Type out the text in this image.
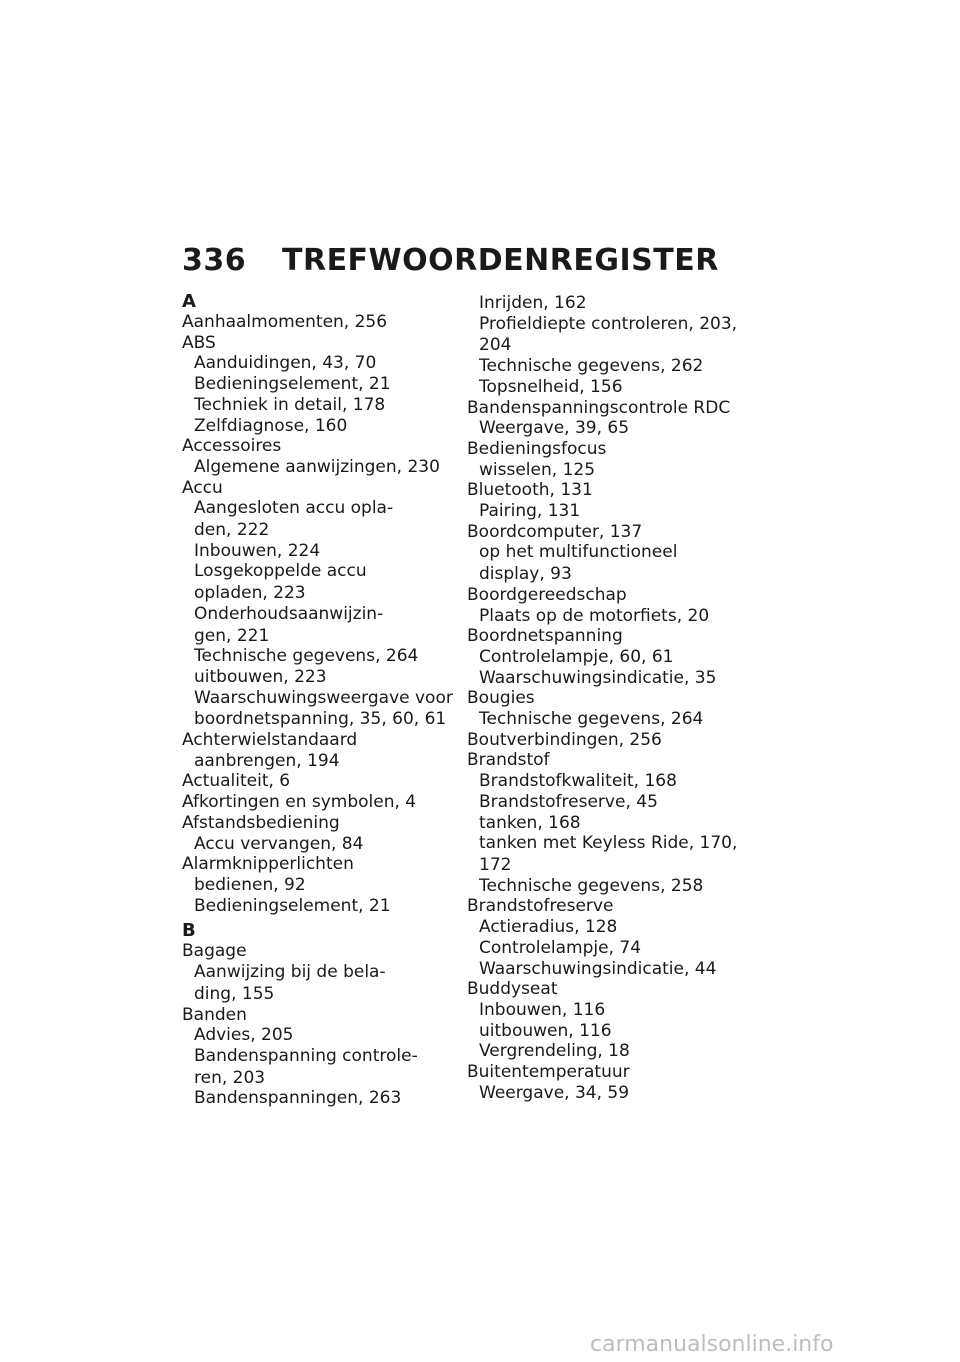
336 TREFWOORDENREGISTER
A
Aanhaalmomenten, 256
ABS
Aanduidingen, 43, 70
Bedieningselement, 21
Techniek in detail, 178
Zelfdiagnose, 160
Accessoires
Algemene aanwijzingen, 230
Accu
Aangesloten accu opla-
den, 222
Inbouwen, 224
Losgekoppelde accu
opladen, 223
Onderhoudsaanwijzin-
gen, 221
Technische gegevens, 264
uitbouwen, 223
Waarschuwingsweergave voor
boordnetspanning, 35, 60, 61
Achterwielstandaard
aanbrengen, 194
Actualiteit, 6
Afkortingen en symbolen, 4
Afstandsbediening
Accu vervangen, 84
Alarmknipperlichten
bedienen, 92
Bedieningselement, 21
B
Bagage
Aanwijzing bij de bela-
ding, 155
Banden
Advies, 205
Bandenspanning controle-
ren, 203
Bandenspanningen, 263
Inrijden, 162
Profieldiepte controleren, 203,
204
Technische gegevens, 262
Topsnelheid, 156
Bandenspanningscontrole RDC
Weergave, 39, 65
Bedieningsfocus
wisselen, 125
Bluetooth, 131
Pairing, 131
Boordcomputer, 137
op het multifunctioneel
display, 93
Boordgereedschap
Plaats op de motorfiets, 20
Boordnetspanning
Controlelampje, 60, 61
Waarschuwingsindicatie, 35
Bougies
Technische gegevens, 264
Boutverbindingen, 256
Brandstof
Brandstofkwaliteit, 168
Brandstofreserve, 45
tanken, 168
tanken met Keyless Ride, 170,
172
Technische gegevens, 258
Brandstofreserve
Actieradius, 128
Controlelampje, 74
Waarschuwingsindicatie, 44
Buddyseat
Inbouwen, 116
uitbouwen, 116
Vergrendeling, 18
Buitentemperatuur
Weergave, 34, 59
carmanualsonline.info
